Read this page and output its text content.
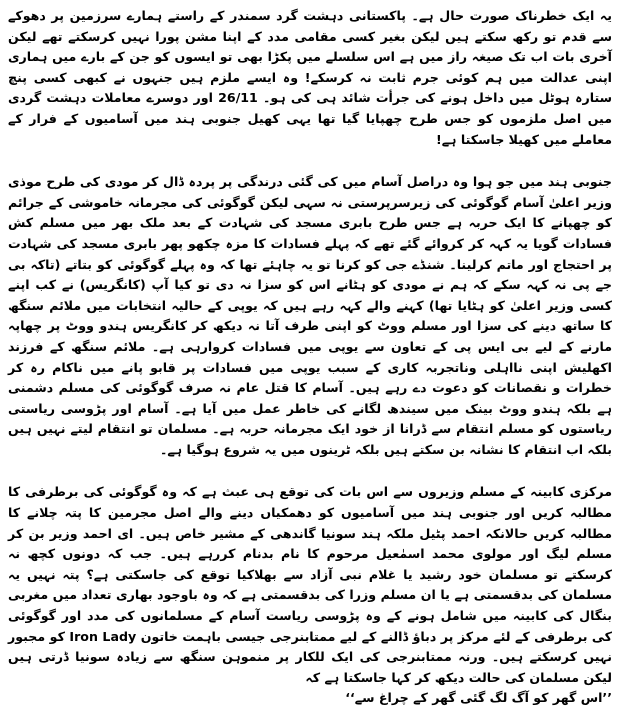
یہ ایک خطرناک صورت حال ہے۔ پاکستانی دہشت گرد سمندر کے راستے ہمارے سرزمین پر دھوکے سے قدم تو رکھ سکتے ہیں لیکن بغیر کسی مقامی مدد کے اپنا مشن پورا نہیں کرسکتے تھے لیکن آخری بات اب تک صیغہ راز میں ہے اس سلسلے میں پکڑا بھی تو ایسوں کو جن کے بارے میں ہماری اپنی عدالت میں ہم کوئی جرم ثابت نہ کرسکے! وہ ایسے ملزم ہیں جنہوں نے کبھی کسی پنچ ستارہ ہوٹل میں داخل ہونے کی جرأت شائد ہی کی ہو۔ 26/11 اور دوسرے معاملات دہشت گردی میں اصل ملزموں کو جس طرح چھپایا گیا تھا یہی کھیل جنوبی ہند میں آسامیوں کے فرار کے معاملے میں کھیلا جاسکتا ہے!

جنوبی ہند میں جو ہوا وہ دراصل آسام میں کی گئی درندگی پر پردہ ڈال کر مودی کی طرح موذی وزیر اعلیٰ آسام گوگوئی کی زیرسرپرستی نہ سہی لیکن گوگوئی کی مجرمانہ خاموشی کے جرائم کو چھپانے کا ایک حربہ ہے جس طرح بابری مسجد کی شہادت کے بعد ملک بھر میں مسلم کش فسادات گویا یہ کہہ کر کروائے گئے تھے کہ پہلے فسادات کا مزہ چکھو پھر بابری مسجد کی شہادت پر احتجاج اور ماتم کرلینا۔ شنڈے جی کو کرنا تو یہ چاہئے تھا کہ وہ پہلے گوگوئی کو بتاتے (تاکہ بی جے پی نہ کہہ سکے کہ ہم نے مودی کو ہٹانے اس کو سزا نہ دی تو کیا آپ (کانگریس) نے کب اپنے کسی وزیر اعلیٰ کو ہٹایا تھا) کہنے والے کہہ رہے ہیں کہ یوپی کے حالیہ انتخابات میں ملائم سنگھ کا ساتھ دینے کی سزا اور مسلم ووٹ کو اپنی طرف آتا نہ دیکھ کر کانگریس ہندو ووٹ پر چھاپہ مارنے کے لیے بی ایس پی کے تعاون سے یوپی میں فسادات کروارہی ہے۔ ملائم سنگھ کے فرزند اکھلیش اپنی نااہلی وناتجربہ کاری کے سبب یوپی میں فسادات پر قابو پانے میں ناکام رہ کر خطرات و نقصانات کو دعوت دے رہے ہیں۔ آسام کا قتل عام نہ صرف گوگوئی کی مسلم دشمنی ہے بلکہ ہندو ووٹ بینک میں سیندھ لگانے کی خاطر عمل میں آیا ہے۔ آسام اور پڑوسی ریاستی ریاستوں کو مسلم انتقام سے ڈرانا از خود ایک مجرمانہ حربہ ہے۔ مسلمان تو انتقام لیتے نہیں ہیں بلکہ اب انتقام کا نشانہ بن سکتے ہیں بلکہ ٹرینوں میں یہ شروع ہوگیا ہے۔

مرکزی کابینہ کے مسلم وزیروں سے اس بات کی توقع ہی عبث ہے کہ وہ گوگوئی کی برطرفی کا مطالبہ کریں اور جنوبی ہند میں آسامیوں کو دھمکیاں دینے والے اصل مجرمین کا پتہ چلانے کا مطالبہ کریں حالانکہ احمد پٹیل ملکہ ہند سونیا گاندھی کے مشیر خاص ہیں۔ ای احمد وزیر بن کر مسلم لیگ اور مولوی محمد اسمٰعیل مرحوم کا نام بدنام کررہے ہیں۔ جب کہ دونوں کچھ نہ کرسکتے تو مسلمان خود رشید یا غلام نبی آزاد سے بھلاکیا توقع کی جاسکتی ہے؟ پتہ نہیں یہ مسلمان کی بدقسمتی ہے یا ان مسلم وزرا کی بدقسمتی ہے کہ وہ باوجود بھاری تعداد میں مغربی بنگال کی کابینہ میں شامل ہونے کے وہ پڑوسی ریاست آسام کے مسلمانوں کی مدد اور گوگوئی کی برطرفی کے لئے مرکز پر دباؤ ڈالنے کے لیے ممتابنرجی جیسی باہمت خاتون Iron Lady کو مجبور نہیں کرسکتے ہیں۔ ورنہ ممتابنرجی کی ایک للکار پر منموہن سنگھ سے زیادہ سونیا ڈرتی ہیں لیکن مسلمان کی حالت دیکھ کر کہا جاسکتا ہے کہ

’’اس گھر کو آگ لگ گئی گھر کے چراغ سے‘‘
